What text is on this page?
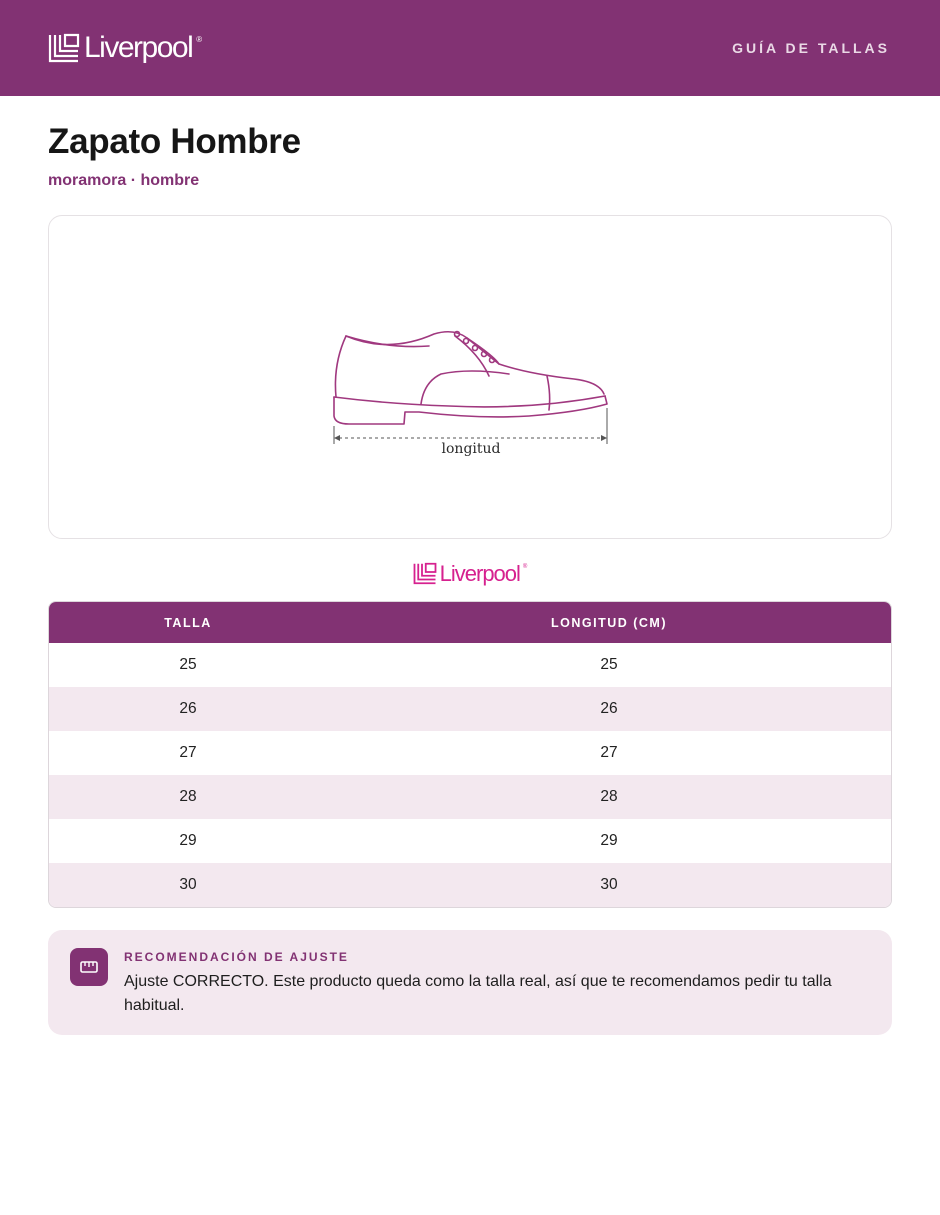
Liverpool ®
GUÍA DE TALLAS
Zapato Hombre
moramora · hombre
longitud
Liverpool ®
TALLA	LONGITUD (CM)
25	25
26	26
27	27
28	28
29	29
30	30
RECOMENDACIÓN DE AJUSTE
Ajuste CORRECTO. Este producto queda como la talla real, así que te recomendamos pedir tu talla habitual.
